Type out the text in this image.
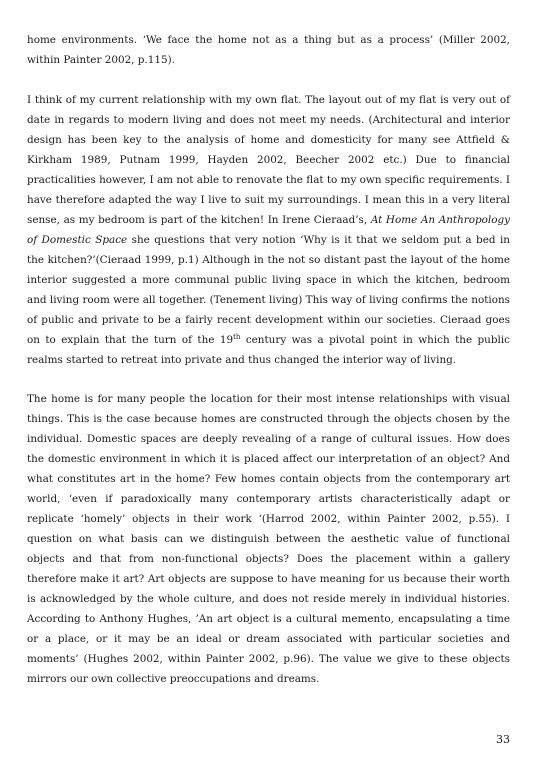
home environments. ‘We face the home not as a thing but as a process’ (Miller 2002, within Painter 2002, p.115).

I think of my current relationship with my own flat. The layout out of my flat is very out of date in regards to modern living and does not meet my needs. (Architectural and interior design has been key to the analysis of home and domesticity for many see Attfield & Kirkham 1989, Putnam 1999, Hayden 2002, Beecher 2002 etc.) Due to financial practicalities however, I am not able to renovate the flat to my own specific requirements. I have therefore adapted the way I live to suit my surroundings. I mean this in a very literal sense, as my bedroom is part of the kitchen! In Irene Cieraad’s, At Home An Anthropology of Domestic Space she questions that very notion ‘Why is it that we seldom put a bed in the kitchen?’(Cieraad 1999, p.1) Although in the not so distant past the layout of the home interior suggested a more communal public living space in which the kitchen, bedroom and living room were all together. (Tenement living) This way of living confirms the notions of public and private to be a fairly recent development within our societies. Cieraad goes on to explain that the turn of the 19th century was a pivotal point in which the public realms started to retreat into private and thus changed the interior way of living.

The home is for many people the location for their most intense relationships with visual things. This is the case because homes are constructed through the objects chosen by the individual. Domestic spaces are deeply revealing of a range of cultural issues. How does the domestic environment in which it is placed affect our interpretation of an object? And what constitutes art in the home? Few homes contain objects from the contemporary art world, ‘even if paradoxically many contemporary artists characteristically adapt or replicate ‘homely’ objects in their work ‘(Harrod 2002, within Painter 2002, p.55). I question on what basis can we distinguish between the aesthetic value of functional objects and that from non-functional objects? Does the placement within a gallery therefore make it art? Art objects are suppose to have meaning for us because their worth is acknowledged by the whole culture, and does not reside merely in individual histories. According to Anthony Hughes, ’An art object is a cultural memento, encapsulating a time or a place, or it may be an ideal or dream associated with particular societies and moments’ (Hughes 2002, within Painter 2002, p.96). The value we give to these objects mirrors our own collective preoccupations and dreams.

33
